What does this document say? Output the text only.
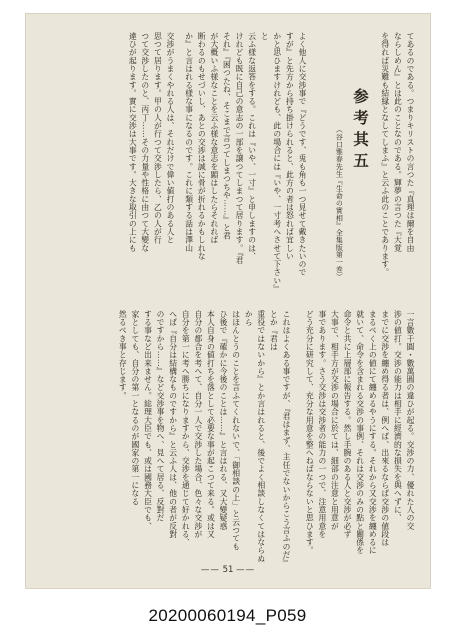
てあるのである。つまりキリストの言つた『真理は爾を自由

ならしめん』とは此のことなのである。輝夢の言つた『大覚

を得れば災難も結縁となしてしまふ』と云ふ此のことであります。

参考其五
（谷口雅春先生『生命の實相』全集版第一巻）

よく他人に交渉事で『どうです、兎も角も一つ見せて戴きたいので

すが』と先方から持ち掛けられると、此方の者は怒れば宜しい

かと思ひますけれども、此の場合には『いや、一寸考へさせて下さい』と

云ふ様な返答をする。これは『いや、一寸』と申しますのは、

けれども既に自己の意志の一部を譲つてしまつて居ります。『君

それ』『困つたね、そこまで言つてしまつちや……』と君

が大概いふ様なことを云ふ様な意志を顕はしたらそれれば

断わるのもせづいし、あとの交渉は誠に骨が折れるかもしれな

か』と言はれる様な事になるのです。これに類する話は澤山

交渉がうまくやれる人は、それだけで偉い値打のある人と

思つて居ります。甲の人が行つて交渉したら、乙の人が行

つて交渉したのと、丙丁……その力量や性格に由つて大變な

違ひが起ります。實に交渉は大事です。大きな取引の上にも

一言數千圓・數萬圓の違ひが起る。交渉の力、優れた人の交

渉の値打。交渉の能力は相手に經濟的な損失を與へずに、

までに交渉を纏め得る者は、例へば、出來るならば交渉の値段は

まるべく上の値にて纏めるやうにする。それから又交渉を纏めるに

就いて、命令を含まれる交渉の事例、それは交渉のみの點と關係を

命令と共に上層部に報告する。然し手腕のある人と交渉が必ず

大事で、相手方が交渉の場合に於ては、細部の注意と用意が

事であります。さう交渉は交渉者の能力の一つで、注意用意を

どう充分に研究して、充分な用意を整へねばならないと思ひます。

これはよくある事ですが、『君はまず、主任でないからこう言ふのだ』とか『君は

重役ではないから』とか言はれると、後でよく相談しなくてはならぬから

はほんとうのことを言ふてくれないで、「御相談の上」と云つても

ひ後で『確かに今後のことは……』と言はれる、又大變疑惑

本人自身の値打ちを落として必要な事が起こつて来る。或は又

自分の都合を考へて、自分一人で交渉した場合、色々な交渉が

自分を第一に考へ勝ちになりますから、交渉を通じて好かれる、

へば『自分は結構なものですから』と云ふ人は、他の者が反對

のですから……』など交渉事を物へ、見へて居る、反對だ

する事など出来ません。総理大臣でも、或は國務大臣でも、

家としても、自分の第一となるのが國家の第一になる

然るべき事と存じます。

—— 51 ——
20200060194_P059
